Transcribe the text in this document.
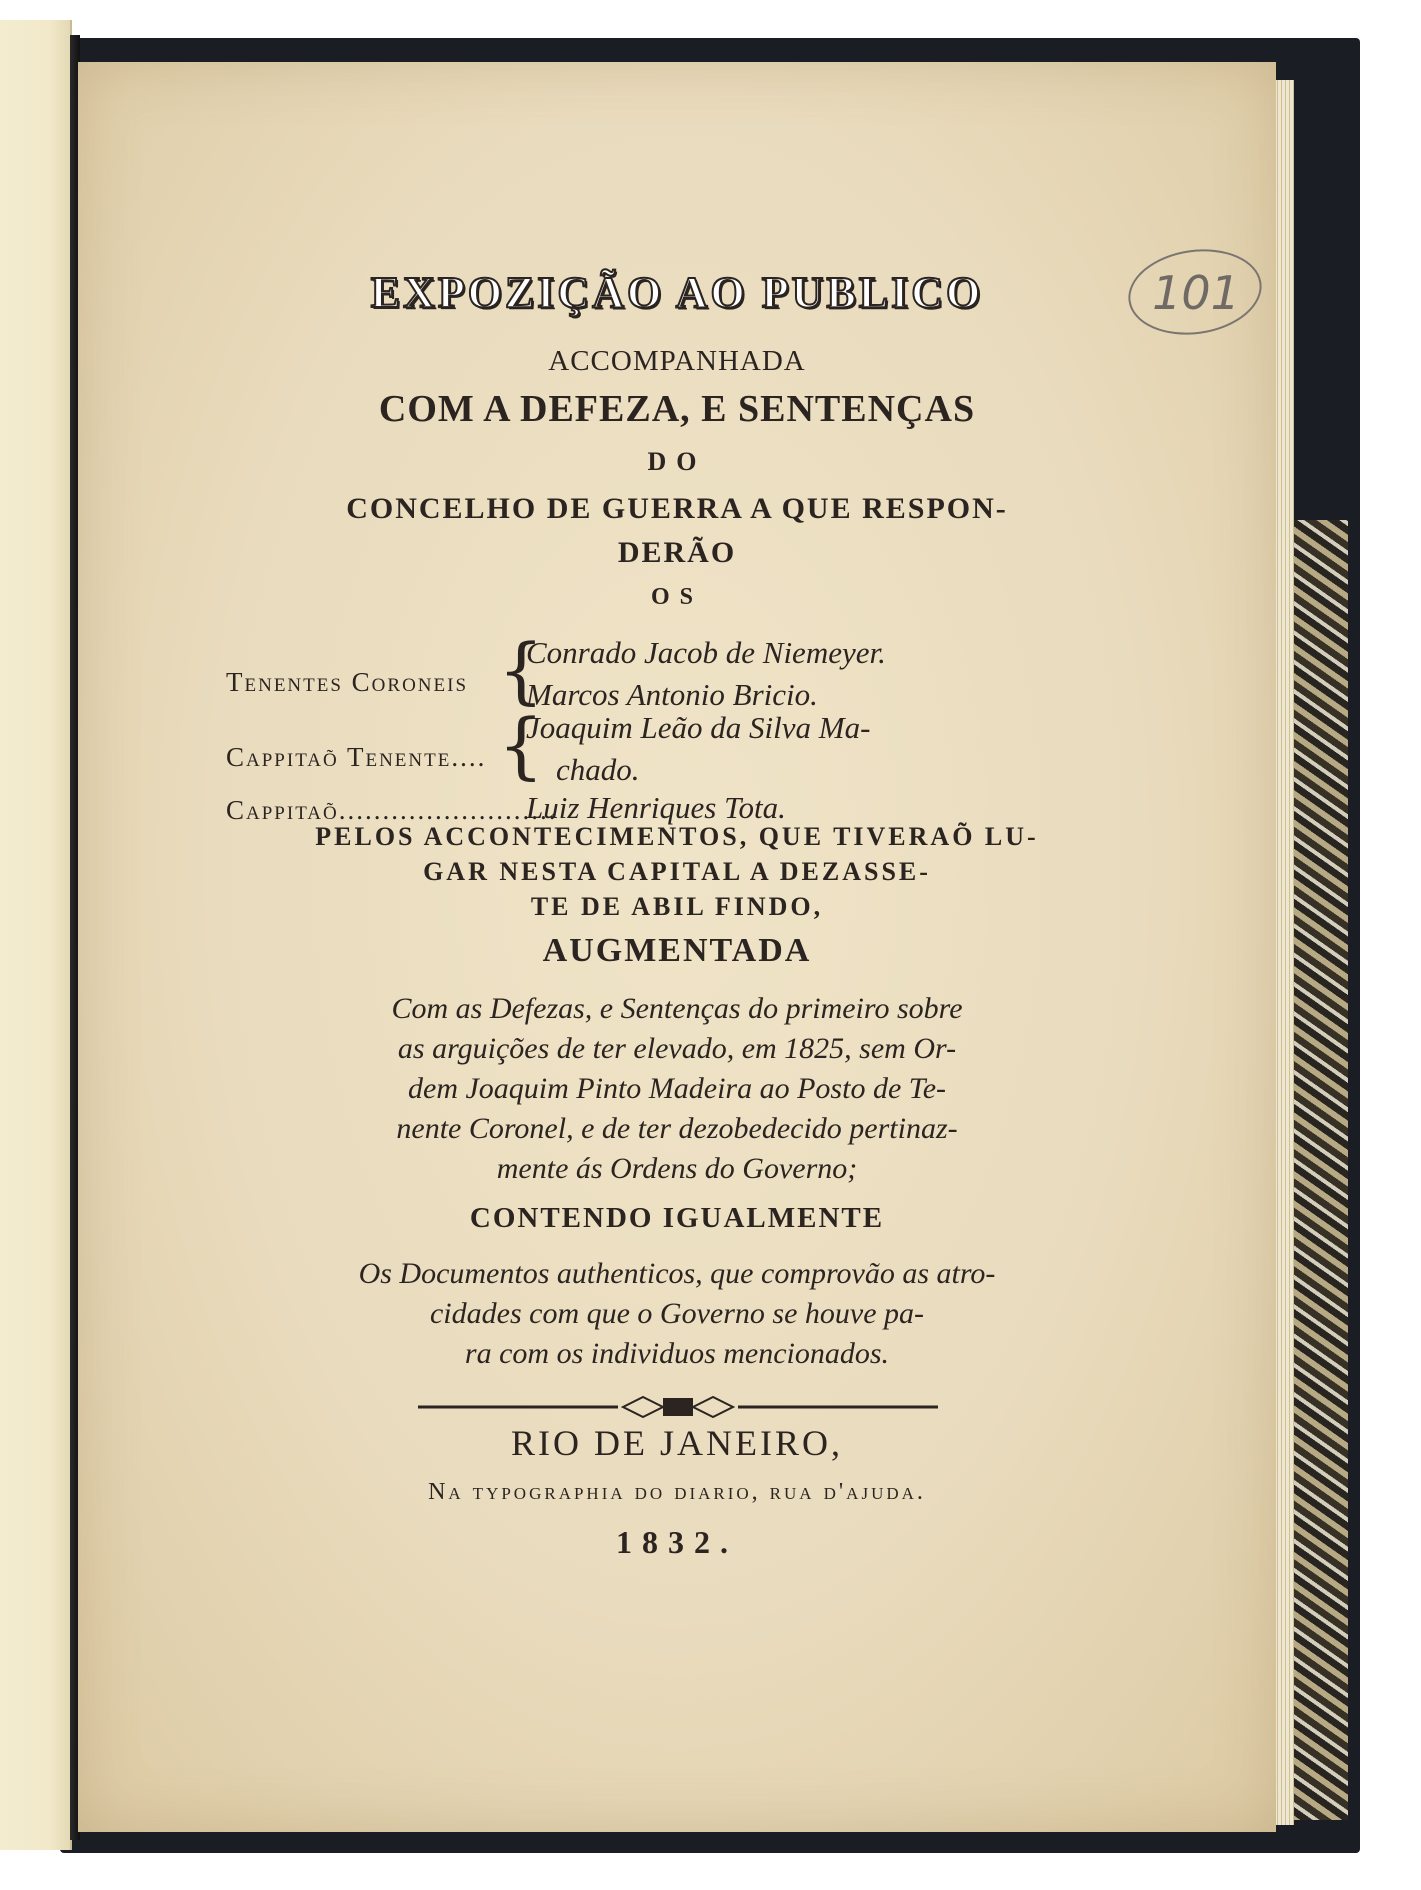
101
EXPOZIÇÃO AO PUBLICO
ACCOMPANHADA
COM A DEFEZA, E SENTENÇAS
DO
CONCELHO DE GUERRA A QUE RESPON-
DERÃO
OS
Tenentes Coroneis {
Conrado Jacob de Niemeyer.
Marcos Antonio Bricio.
Cappitaõ Tenente.... {
Joaquim Leão da Silva Ma-
chado.
Cappitaõ.........................
Luiz Henriques Tota.
PELOS ACCONTECIMENTOS, QUE TIVERAÕ LU-
GAR NESTA CAPITAL A DEZASSE-
TE DE ABIL FINDO,
AUGMENTADA
Com as Defezas, e Sentenças do primeiro sobre
as arguições de ter elevado, em 1825, sem Or-
dem Joaquim Pinto Madeira ao Posto de Te-
nente Coronel, e de ter dezobedecido pertinaz-
mente ás Ordens do Governo;
CONTENDO IGUALMENTE
Os Documentos authenticos, que comprovão as atro-
cidades com que o Governo se houve pa-
ra com os individuos mencionados.
RIO DE JANEIRO,
Na typographia do diario, rua d'ajuda.
1832.
